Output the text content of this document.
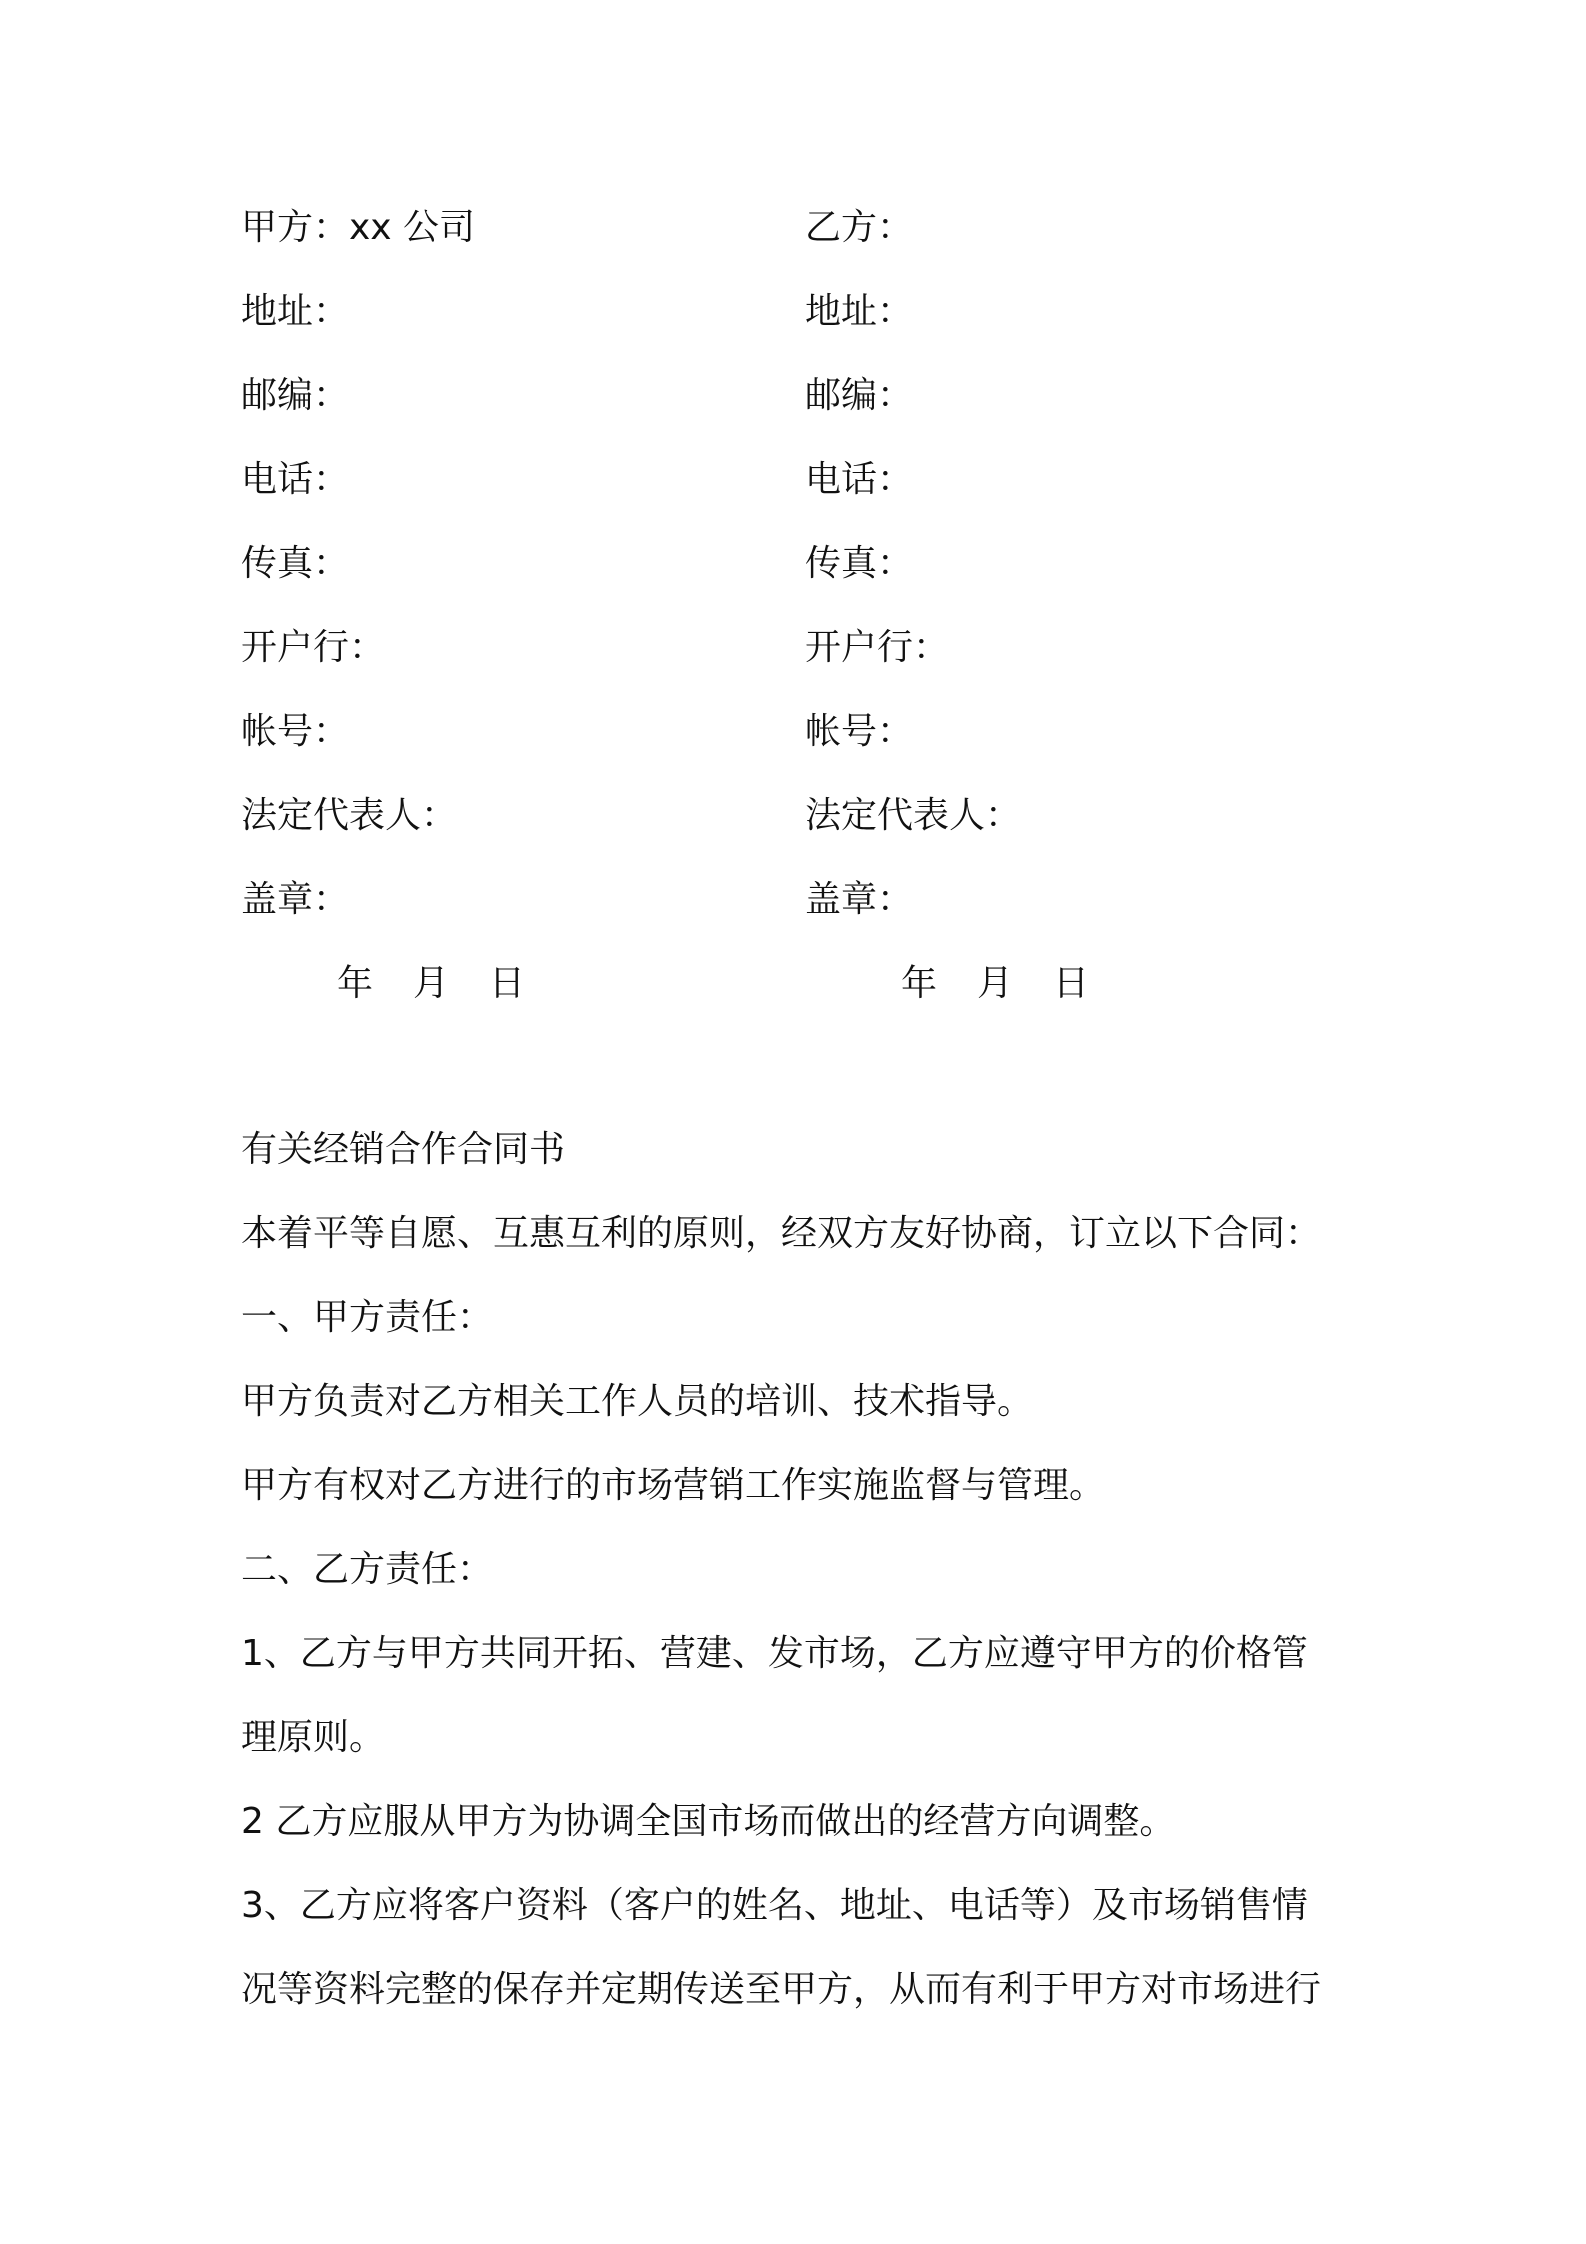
甲方：xx 公司
地址：
邮编：
电话：
传真：
开户行：
帐号：
法定代表人：
盖章：
年 月 日
乙方：
地址：
邮编：
电话：
传真：
开户行：
帐号：
法定代表人：
盖章：
年 月 日
有关经销合作合同书
本着平等自愿、互惠互利的原则，经双方友好协商，订立以下合同：
一、甲方责任：
甲方负责对乙方相关工作人员的培训、技术指导。
甲方有权对乙方进行的市场营销工作实施监督与管理。
二、乙方责任：
1、乙方与甲方共同开拓、营建、发市场，乙方应遵守甲方的价格管
理原则。
2 乙方应服从甲方为协调全国市场而做出的经营方向调整。
3、乙方应将客户资料（客户的姓名、地址、电话等）及市场销售情
况等资料完整的保存并定期传送至甲方，从而有利于甲方对市场进行
